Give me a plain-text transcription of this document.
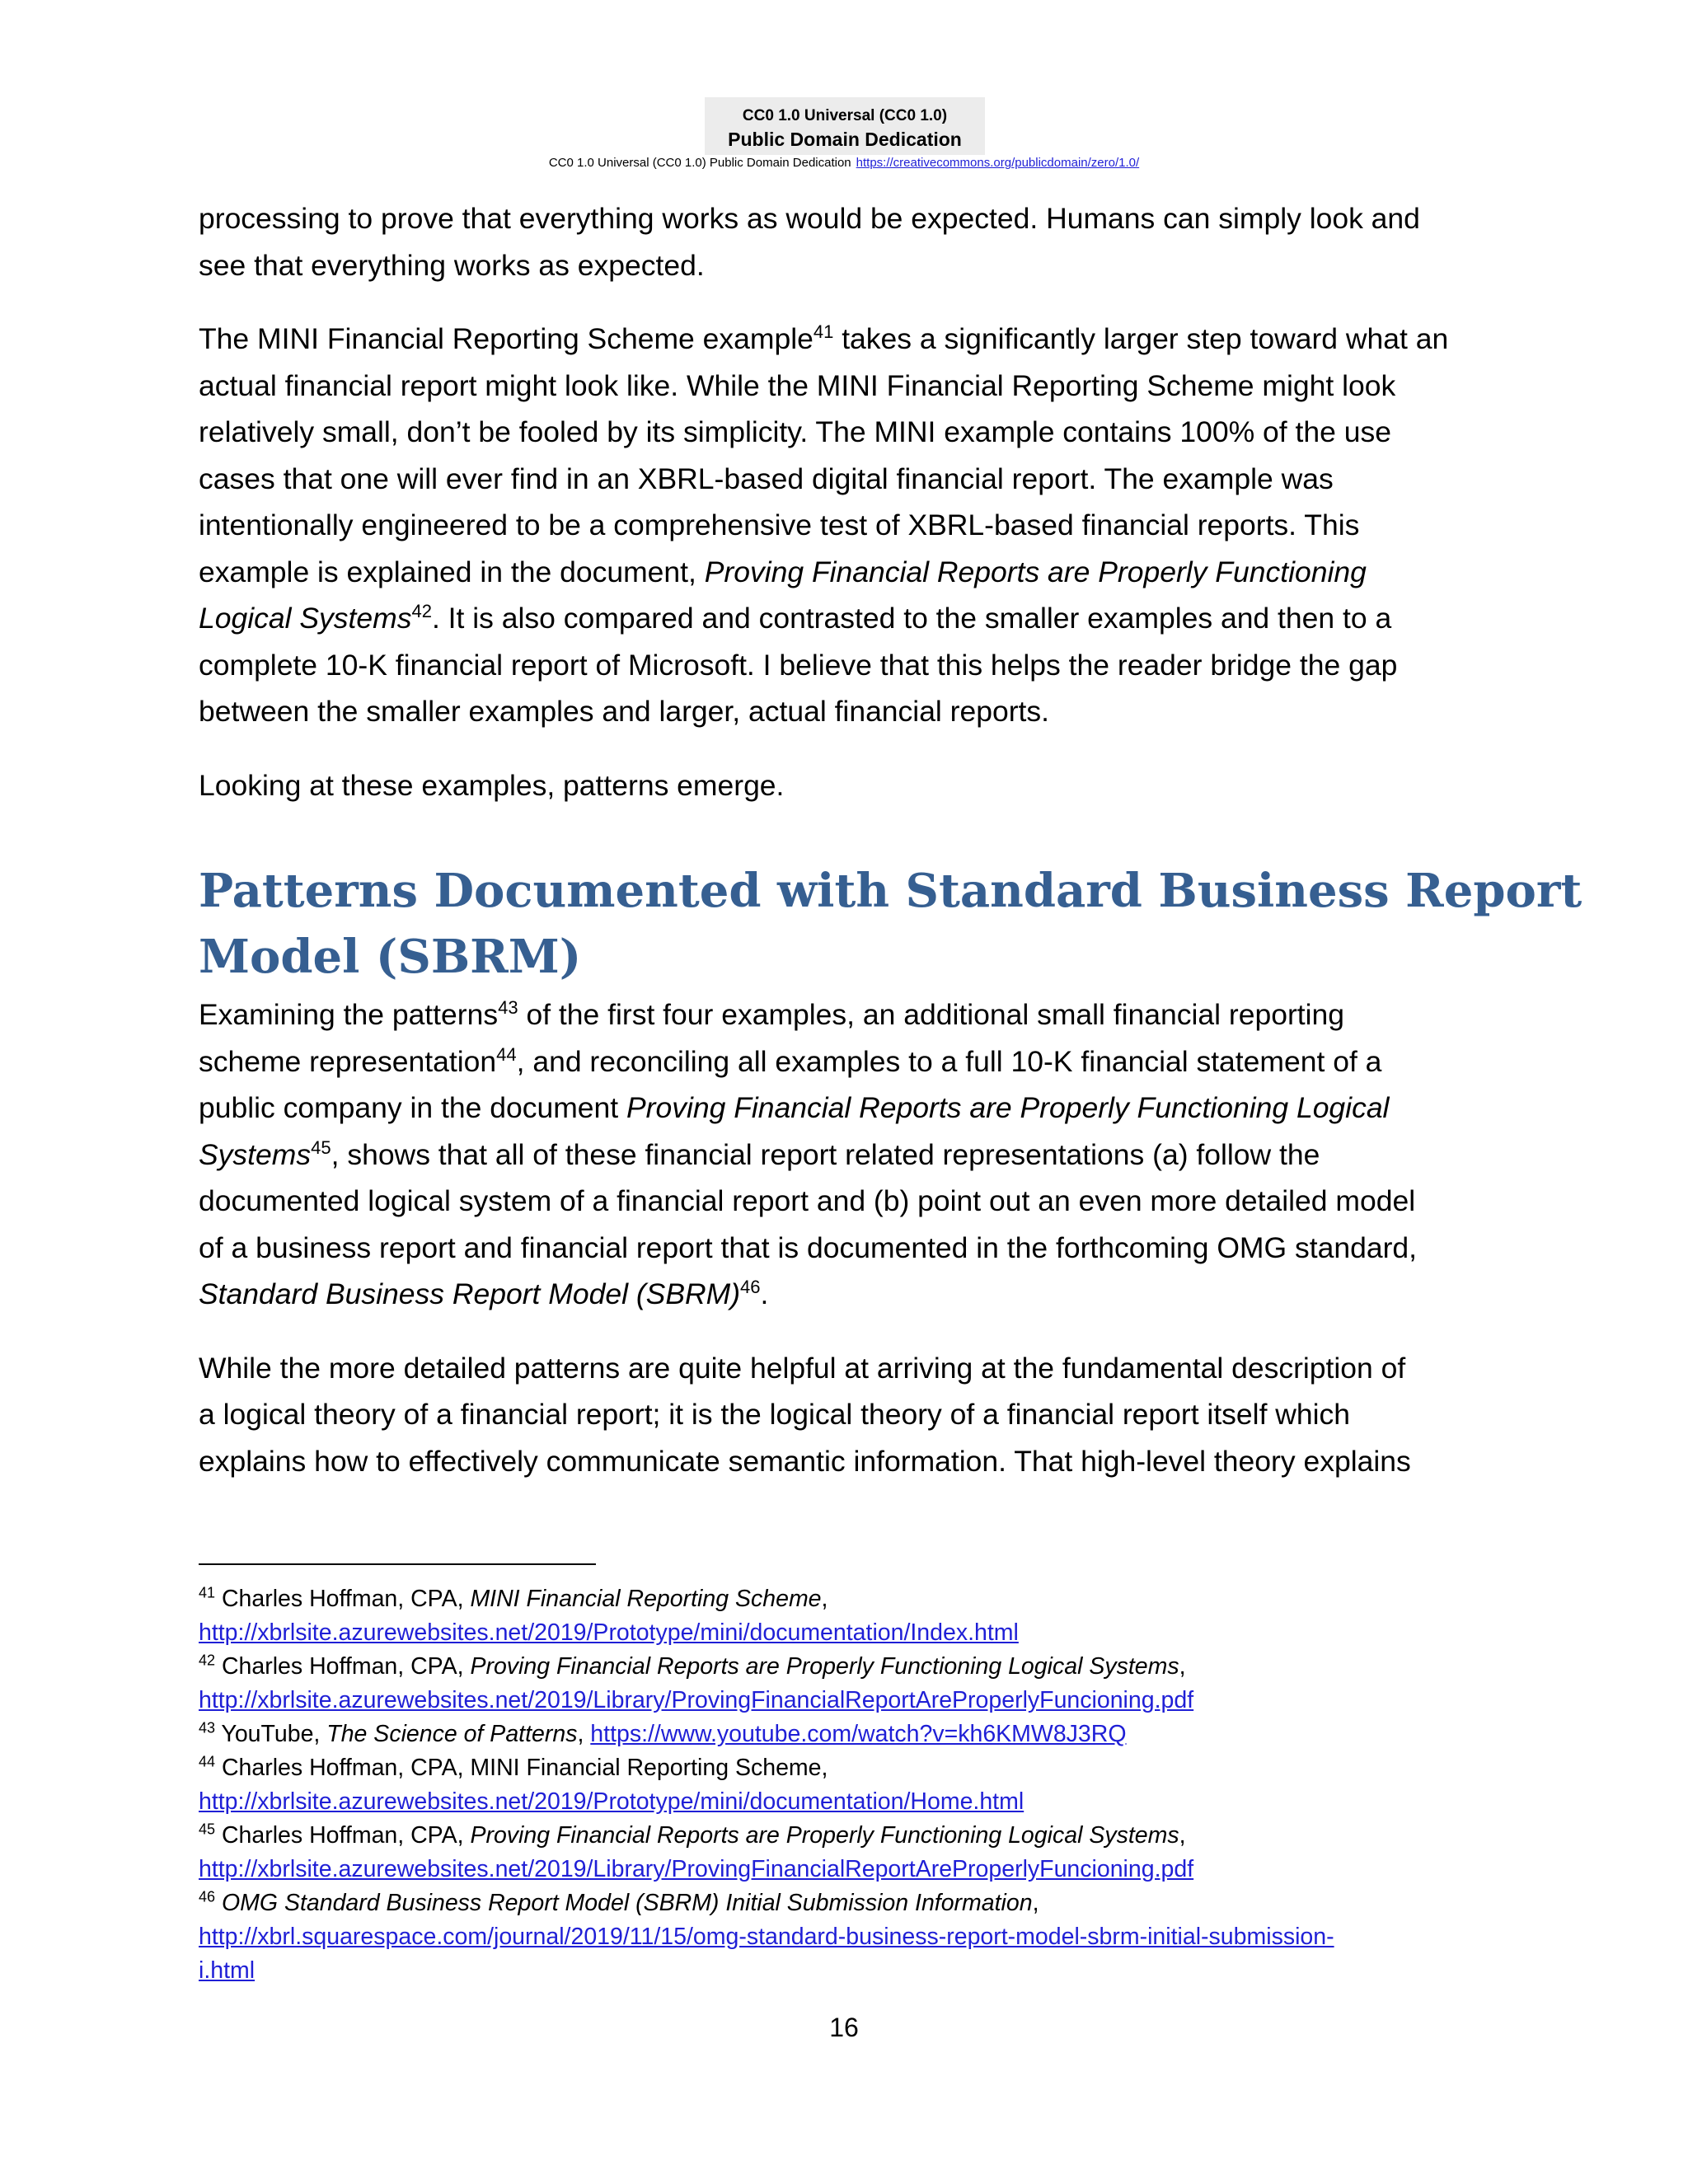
CC0 1.0 Universal (CC0 1.0)
Public Domain Dedication
CC0 1.0 Universal (CC0 1.0) Public Domain Dedication https://creativecommons.org/publicdomain/zero/1.0/
processing to prove that everything works as would be expected. Humans can simply look and
see that everything works as expected.
The MINI Financial Reporting Scheme example$^{41}$ takes a significantly larger step toward what an
actual financial report might look like. While the MINI Financial Reporting Scheme might look
relatively small, don’t be fooled by its simplicity. The MINI example contains 100% of the use
cases that one will ever find in an XBRL-based digital financial report. The example was
intentionally engineered to be a comprehensive test of XBRL-based financial reports. This
example is explained in the document, Proving Financial Reports are Properly Functioning
Logical Systems$^{42}$. It is also compared and contrasted to the smaller examples and then to a
complete 10-K financial report of Microsoft. I believe that this helps the reader bridge the gap
between the smaller examples and larger, actual financial reports.
Looking at these examples, patterns emerge.
Patterns Documented with Standard Business Report
Model (SBRM)
Examining the patterns$^{43}$ of the first four examples, an additional small financial reporting
scheme representation$^{44}$, and reconciling all examples to a full 10-K financial statement of a
public company in the document Proving Financial Reports are Properly Functioning Logical
Systems$^{45}$, shows that all of these financial report related representations (a) follow the
documented logical system of a financial report and (b) point out an even more detailed model
of a business report and financial report that is documented in the forthcoming OMG standard,
Standard Business Report Model (SBRM)$^{46}$.
While the more detailed patterns are quite helpful at arriving at the fundamental description of
a logical theory of a financial report; it is the logical theory of a financial report itself which
explains how to effectively communicate semantic information. That high-level theory explains
$^{41}$ Charles Hoffman, CPA, MINI Financial Reporting Scheme,
http://xbrlsite.azurewebsites.net/2019/Prototype/mini/documentation/Index.html
$^{42}$ Charles Hoffman, CPA, Proving Financial Reports are Properly Functioning Logical Systems,
http://xbrlsite.azurewebsites.net/2019/Library/ProvingFinancialReportAreProperlyFuncioning.pdf
$^{43}$ YouTube, The Science of Patterns, https://www.youtube.com/watch?v=kh6KMW8J3RQ
$^{44}$ Charles Hoffman, CPA, MINI Financial Reporting Scheme,
http://xbrlsite.azurewebsites.net/2019/Prototype/mini/documentation/Home.html
$^{45}$ Charles Hoffman, CPA, Proving Financial Reports are Properly Functioning Logical Systems,
http://xbrlsite.azurewebsites.net/2019/Library/ProvingFinancialReportAreProperlyFuncioning.pdf
$^{46}$ OMG Standard Business Report Model (SBRM) Initial Submission Information,
http://xbrl.squarespace.com/journal/2019/11/15/omg-standard-business-report-model-sbrm-initial-submission-
i.html
16
